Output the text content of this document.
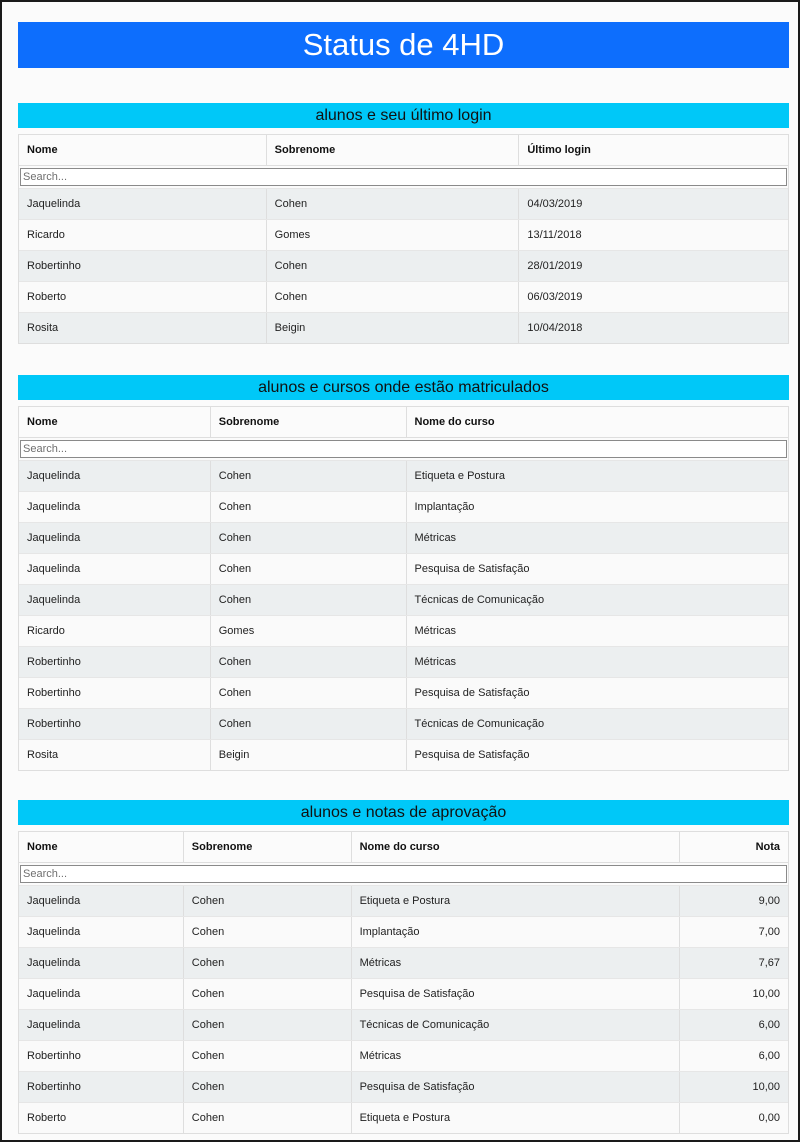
Status de 4HD
alunos e seu último login
Nome	Sobrenome	Último login
Search...
Jaquelinda	Cohen	04/03/2019
Ricardo	Gomes	13/11/2018
Robertinho	Cohen	28/01/2019
Roberto	Cohen	06/03/2019
Rosita	Beigin	10/04/2018
alunos e cursos onde estão matriculados
Nome	Sobrenome	Nome do curso
Search...
Jaquelinda	Cohen	Etiqueta e Postura
Jaquelinda	Cohen	Implantação
Jaquelinda	Cohen	Métricas
Jaquelinda	Cohen	Pesquisa de Satisfação
Jaquelinda	Cohen	Técnicas de Comunicação
Ricardo	Gomes	Métricas
Robertinho	Cohen	Métricas
Robertinho	Cohen	Pesquisa de Satisfação
Robertinho	Cohen	Técnicas de Comunicação
Rosita	Beigin	Pesquisa de Satisfação
alunos e notas de aprovação
Nome	Sobrenome	Nome do curso	Nota
Search...
Jaquelinda	Cohen	Etiqueta e Postura	9,00
Jaquelinda	Cohen	Implantação	7,00
Jaquelinda	Cohen	Métricas	7,67
Jaquelinda	Cohen	Pesquisa de Satisfação	10,00
Jaquelinda	Cohen	Técnicas de Comunicação	6,00
Robertinho	Cohen	Métricas	6,00
Robertinho	Cohen	Pesquisa de Satisfação	10,00
Roberto	Cohen	Etiqueta e Postura	0,00
